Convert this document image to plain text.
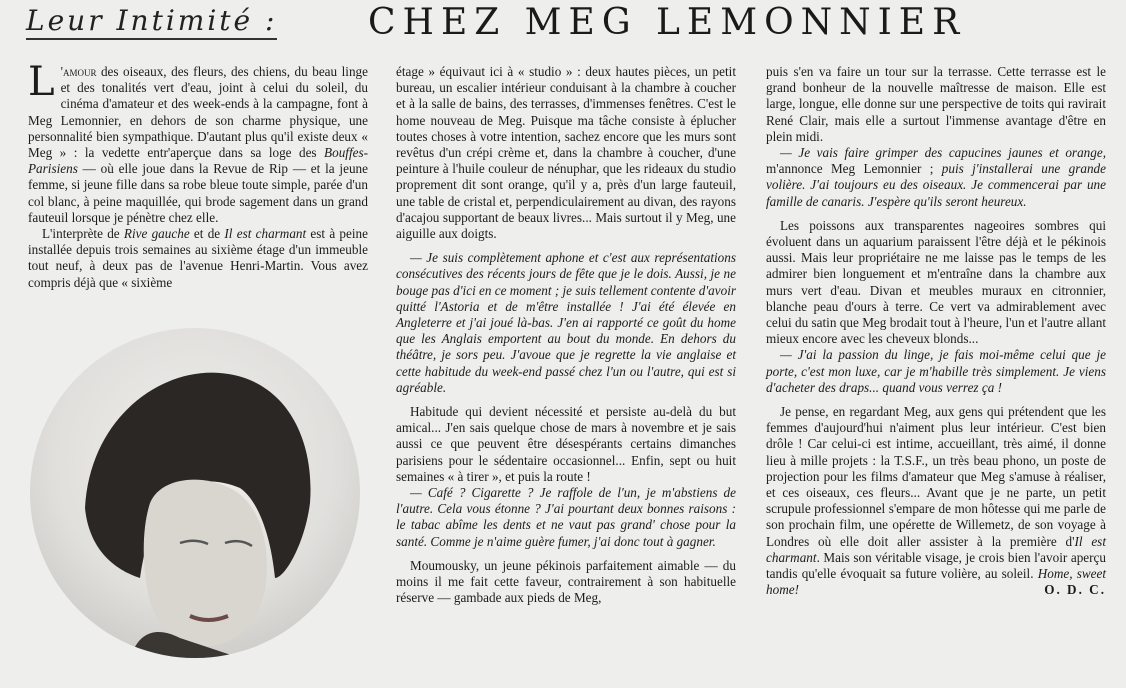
Leur Intimité :	CHEZ MEG LEMONNIER

L 'amour des oiseaux, des fleurs, des chiens, du beau linge et des tonalités vert d'eau, joint à celui du soleil, du cinéma d'amateur et des week-ends à la campagne, font à Meg Lemonnier, en dehors de son charme physique, une personnalité bien sympathique. D'autant plus qu'il existe deux « Meg » : la vedette entr'aperçue dans sa loge des Bouffes-Parisiens — où elle joue dans la Revue de Rip — et la jeune femme, si jeune fille dans sa robe bleue toute simple, parée d'un col blanc, à peine maquillée, qui brode sagement dans un grand fauteuil lorsque je pénètre chez elle.

L'interprète de Rive gauche et de Il est charmant est à peine installée depuis trois semaines au sixième étage d'un immeuble tout neuf, à deux pas de l'avenue Henri-Martin. Vous avez compris déjà que « sixième

étage » équivaut ici à « studio » : deux hautes pièces, un petit bureau, un escalier intérieur conduisant à la chambre à coucher et à la salle de bains, des terrasses, d'immenses fenêtres. C'est le home nouveau de Meg. Puisque ma tâche consiste à éplucher toutes choses à votre intention, sachez encore que les murs sont revêtus d'un crépi crème et, dans la chambre à coucher, d'une peinture à l'huile couleur de nénuphar, que les rideaux du studio proprement dit sont orange, qu'il y a, près d'un large fauteuil, une table de cristal et, perpendiculairement au divan, des rayons d'acajou supportant de beaux livres... Mais surtout il y Meg, une aiguille aux doigts.

— Je suis complètement aphone et c'est aux représentations consécutives des récents jours de fête que je le dois. Aussi, je ne bouge pas d'ici en ce moment ; je suis tellement contente d'avoir quitté l'Astoria et de m'être installée ! J'ai été élevée en Angleterre et j'ai joué là-bas. J'en ai rapporté ce goût du home que les Anglais emportent au bout du monde. En dehors du théâtre, je sors peu. J'avoue que je regrette la vie anglaise et cette habitude du week-end passé chez l'un ou l'autre, qui est si agréable.

Habitude qui devient nécessité et persiste au-delà du but amical... J'en sais quelque chose de mars à novembre et je sais aussi ce que peuvent être désespérants certains dimanches parisiens pour le sédentaire occasionnel... Enfin, sept ou huit semaines « à tirer », et puis la route !

— Café ? Cigarette ? Je raffole de l'un, je m'abstiens de l'autre. Cela vous étonne ? J'ai pourtant deux bonnes raisons : le tabac abîme les dents et ne vaut pas grand' chose pour la santé. Comme je n'aime guère fumer, j'ai donc tout à gagner.

Moumousky, un jeune pékinois parfaitement aimable — du moins il me fait cette faveur, contrairement à son habituelle réserve — gambade aux pieds de Meg,

puis s'en va faire un tour sur la terrasse. Cette terrasse est le grand bonheur de la nouvelle maîtresse de maison. Elle est large, longue, elle donne sur une perspective de toits qui ravirait René Clair, mais elle a surtout l'immense avantage d'être en plein midi.

— Je vais faire grimper des capucines jaunes et orange, m'annonce Meg Lemonnier ; puis j'installerai une grande volière. J'ai toujours eu des oiseaux. Je commencerai par une famille de canaris. J'espère qu'ils seront heureux.

Les poissons aux transparentes nageoires sombres qui évoluent dans un aquarium paraissent l'être déjà et le pékinois aussi. Mais leur propriétaire ne me laisse pas le temps de les admirer bien longuement et m'entraîne dans la chambre aux murs vert d'eau. Divan et meubles muraux en citronnier, blanche peau d'ours à terre. Ce vert va admirablement avec celui du satin que Meg brodait tout à l'heure, l'un et l'autre allant mieux encore avec les cheveux blonds...

— J'ai la passion du linge, je fais moi-même celui que je porte, c'est mon luxe, car je m'habille très simplement. Je viens d'acheter des draps... quand vous verrez ça !

Je pense, en regardant Meg, aux gens qui prétendent que les femmes d'aujourd'hui n'aiment plus leur intérieur. C'est bien drôle ! Car celui-ci est intime, accueillant, très aimé, il donne lieu à mille projets : la T.S.F., un très beau phono, un poste de projection pour les films d'amateur que Meg s'amuse à réaliser, et ces oiseaux, ces fleurs... Avant que je ne parte, un petit scrupule professionnel s'empare de mon hôtesse qui me parle de son prochain film, une opérette de Willemetz, de son voyage à Londres où elle doit aller assister à la première d'Il est charmant. Mais son véritable visage, je crois bien l'avoir aperçu tandis qu'elle évoquait sa future volière, au soleil. Home, sweet home!	O. D. C.
